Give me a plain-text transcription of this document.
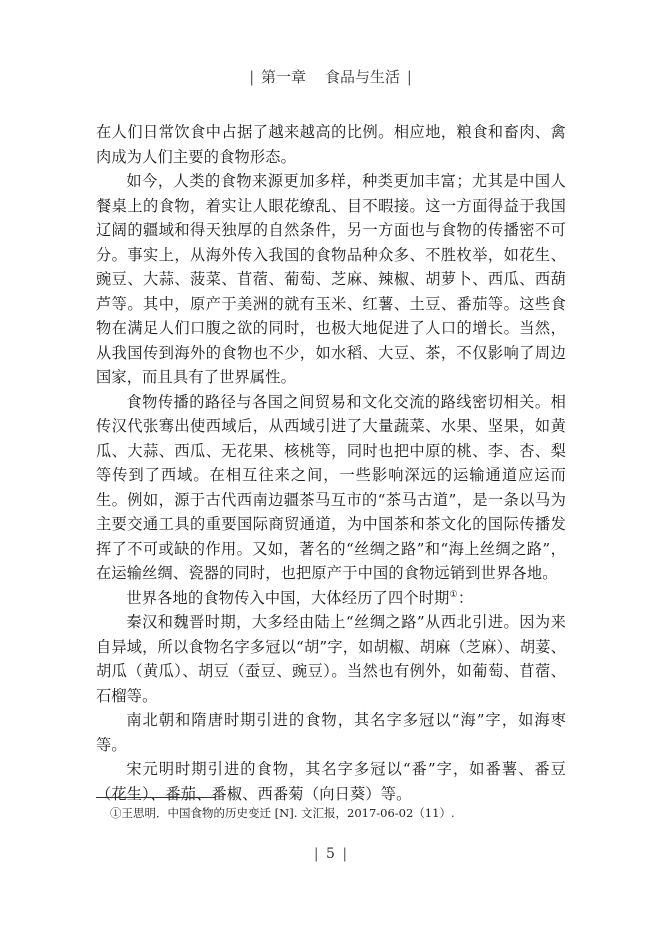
| 第一章 食品与生活 |

在人们日常饮食中占据了越来越高的比例。相应地，粮食和畜肉、禽肉成为人们主要的食物形态。

如今，人类的食物来源更加多样，种类更加丰富；尤其是中国人餐桌上的食物，着实让人眼花缭乱、目不暇接。这一方面得益于我国辽阔的疆域和得天独厚的自然条件，另一方面也与食物的传播密不可分。事实上，从海外传入我国的食物品种众多、不胜枚举，如花生、豌豆、大蒜、菠菜、苜蓿、葡萄、芝麻、辣椒、胡萝卜、西瓜、西葫芦等。其中，原产于美洲的就有玉米、红薯、土豆、番茄等。这些食物在满足人们口腹之欲的同时，也极大地促进了人口的增长。当然，从我国传到海外的食物也不少，如水稻、大豆、茶，不仅影响了周边国家，而且具有了世界属性。

食物传播的路径与各国之间贸易和文化交流的路线密切相关。相传汉代张骞出使西域后，从西域引进了大量蔬菜、水果、坚果，如黄瓜、大蒜、西瓜、无花果、核桃等，同时也把中原的桃、李、杏、梨等传到了西域。在相互往来之间，一些影响深远的运输通道应运而生。例如，源于古代西南边疆茶马互市的“茶马古道”，是一条以马为主要交通工具的重要国际商贸通道，为中国茶和茶文化的国际传播发挥了不可或缺的作用。又如，著名的“丝绸之路”和“海上丝绸之路”，在运输丝绸、瓷器的同时，也把原产于中国的食物远销到世界各地。

世界各地的食物传入中国，大体经历了四个时期①：

秦汉和魏晋时期，大多经由陆上“丝绸之路”从西北引进。因为来自异域，所以食物名字多冠以“胡”字，如胡椒、胡麻（芝麻）、胡荽、胡瓜（黄瓜）、胡豆（蚕豆、豌豆）。当然也有例外，如葡萄、苜蓿、石榴等。

南北朝和隋唐时期引进的食物，其名字多冠以“海”字，如海枣等。

宋元明时期引进的食物，其名字多冠以“番”字，如番薯、番豆（花生）、番茄、番椒、西番菊（向日葵）等。

①王思明．中国食物的历史变迁 [N]. 文汇报，2017-06-02（11）.
| 5 |
